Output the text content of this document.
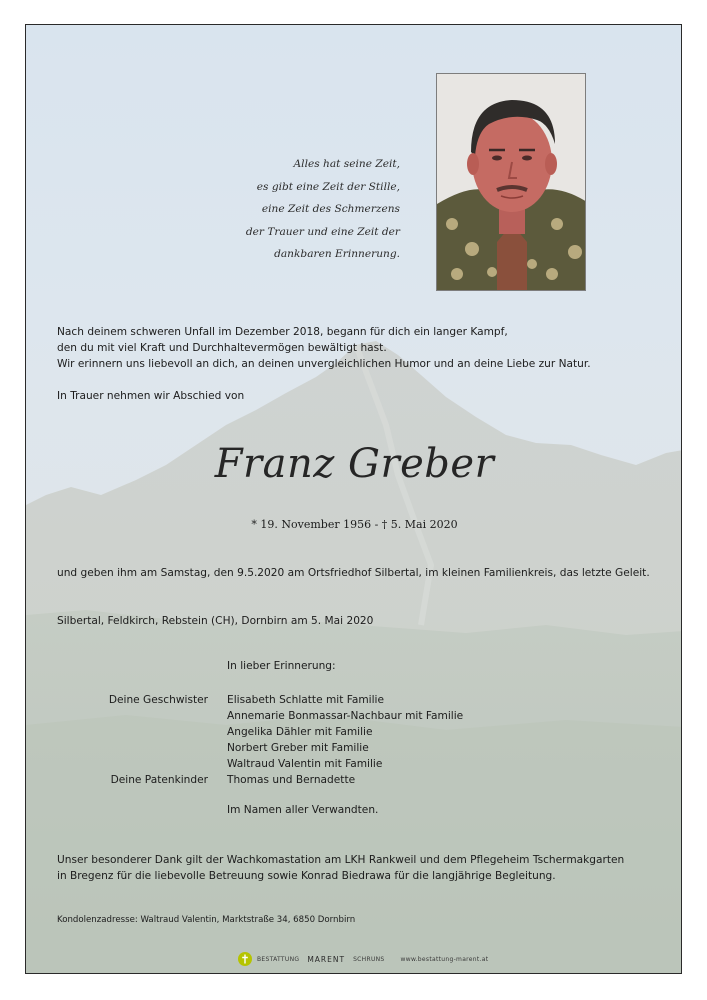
Alles hat seine Zeit,
es gibt eine Zeit der Stille,
eine Zeit des Schmerzens
der Trauer und eine Zeit der
dankbaren Erinnerung.
Nach deinem schweren Unfall im Dezember 2018, begann für dich ein langer Kampf,
den du mit viel Kraft und Durchhaltevermögen bewältigt hast.
Wir erinnern uns liebevoll an dich, an deinen unvergleichlichen Humor und an deine Liebe zur Natur.
In Trauer nehmen wir Abschied von
Franz Greber
* 19. November 1956 - † 5. Mai 2020
und geben ihm am Samstag, den 9.5.2020 am Ortsfriedhof Silbertal, im kleinen Familienkreis, das letzte Geleit.
Silbertal, Feldkirch, Rebstein (CH), Dornbirn am 5. Mai 2020
In lieber Erinnerung:
Deine Geschwister Elisabeth Schlatte mit Familie
Annemarie Bonmassar-Nachbaur mit Familie
Angelika Dähler mit Familie
Norbert Greber mit Familie
Waltraud Valentin mit Familie
Deine Patenkinder Thomas und Bernadette
Im Namen aller Verwandten.
Unser besonderer Dank gilt der Wachkomastation am LKH Rankweil und dem Pflegeheim Tschermakgarten
in Bregenz für die liebevolle Betreuung sowie Konrad Biedrawa für die langjährige Begleitung.
Kondolenzadresse: Waltraud Valentin, Marktstraße 34, 6850 Dornbirn
BESTATTUNG MARENT SCHRUNS	www.bestattung-marent.at
